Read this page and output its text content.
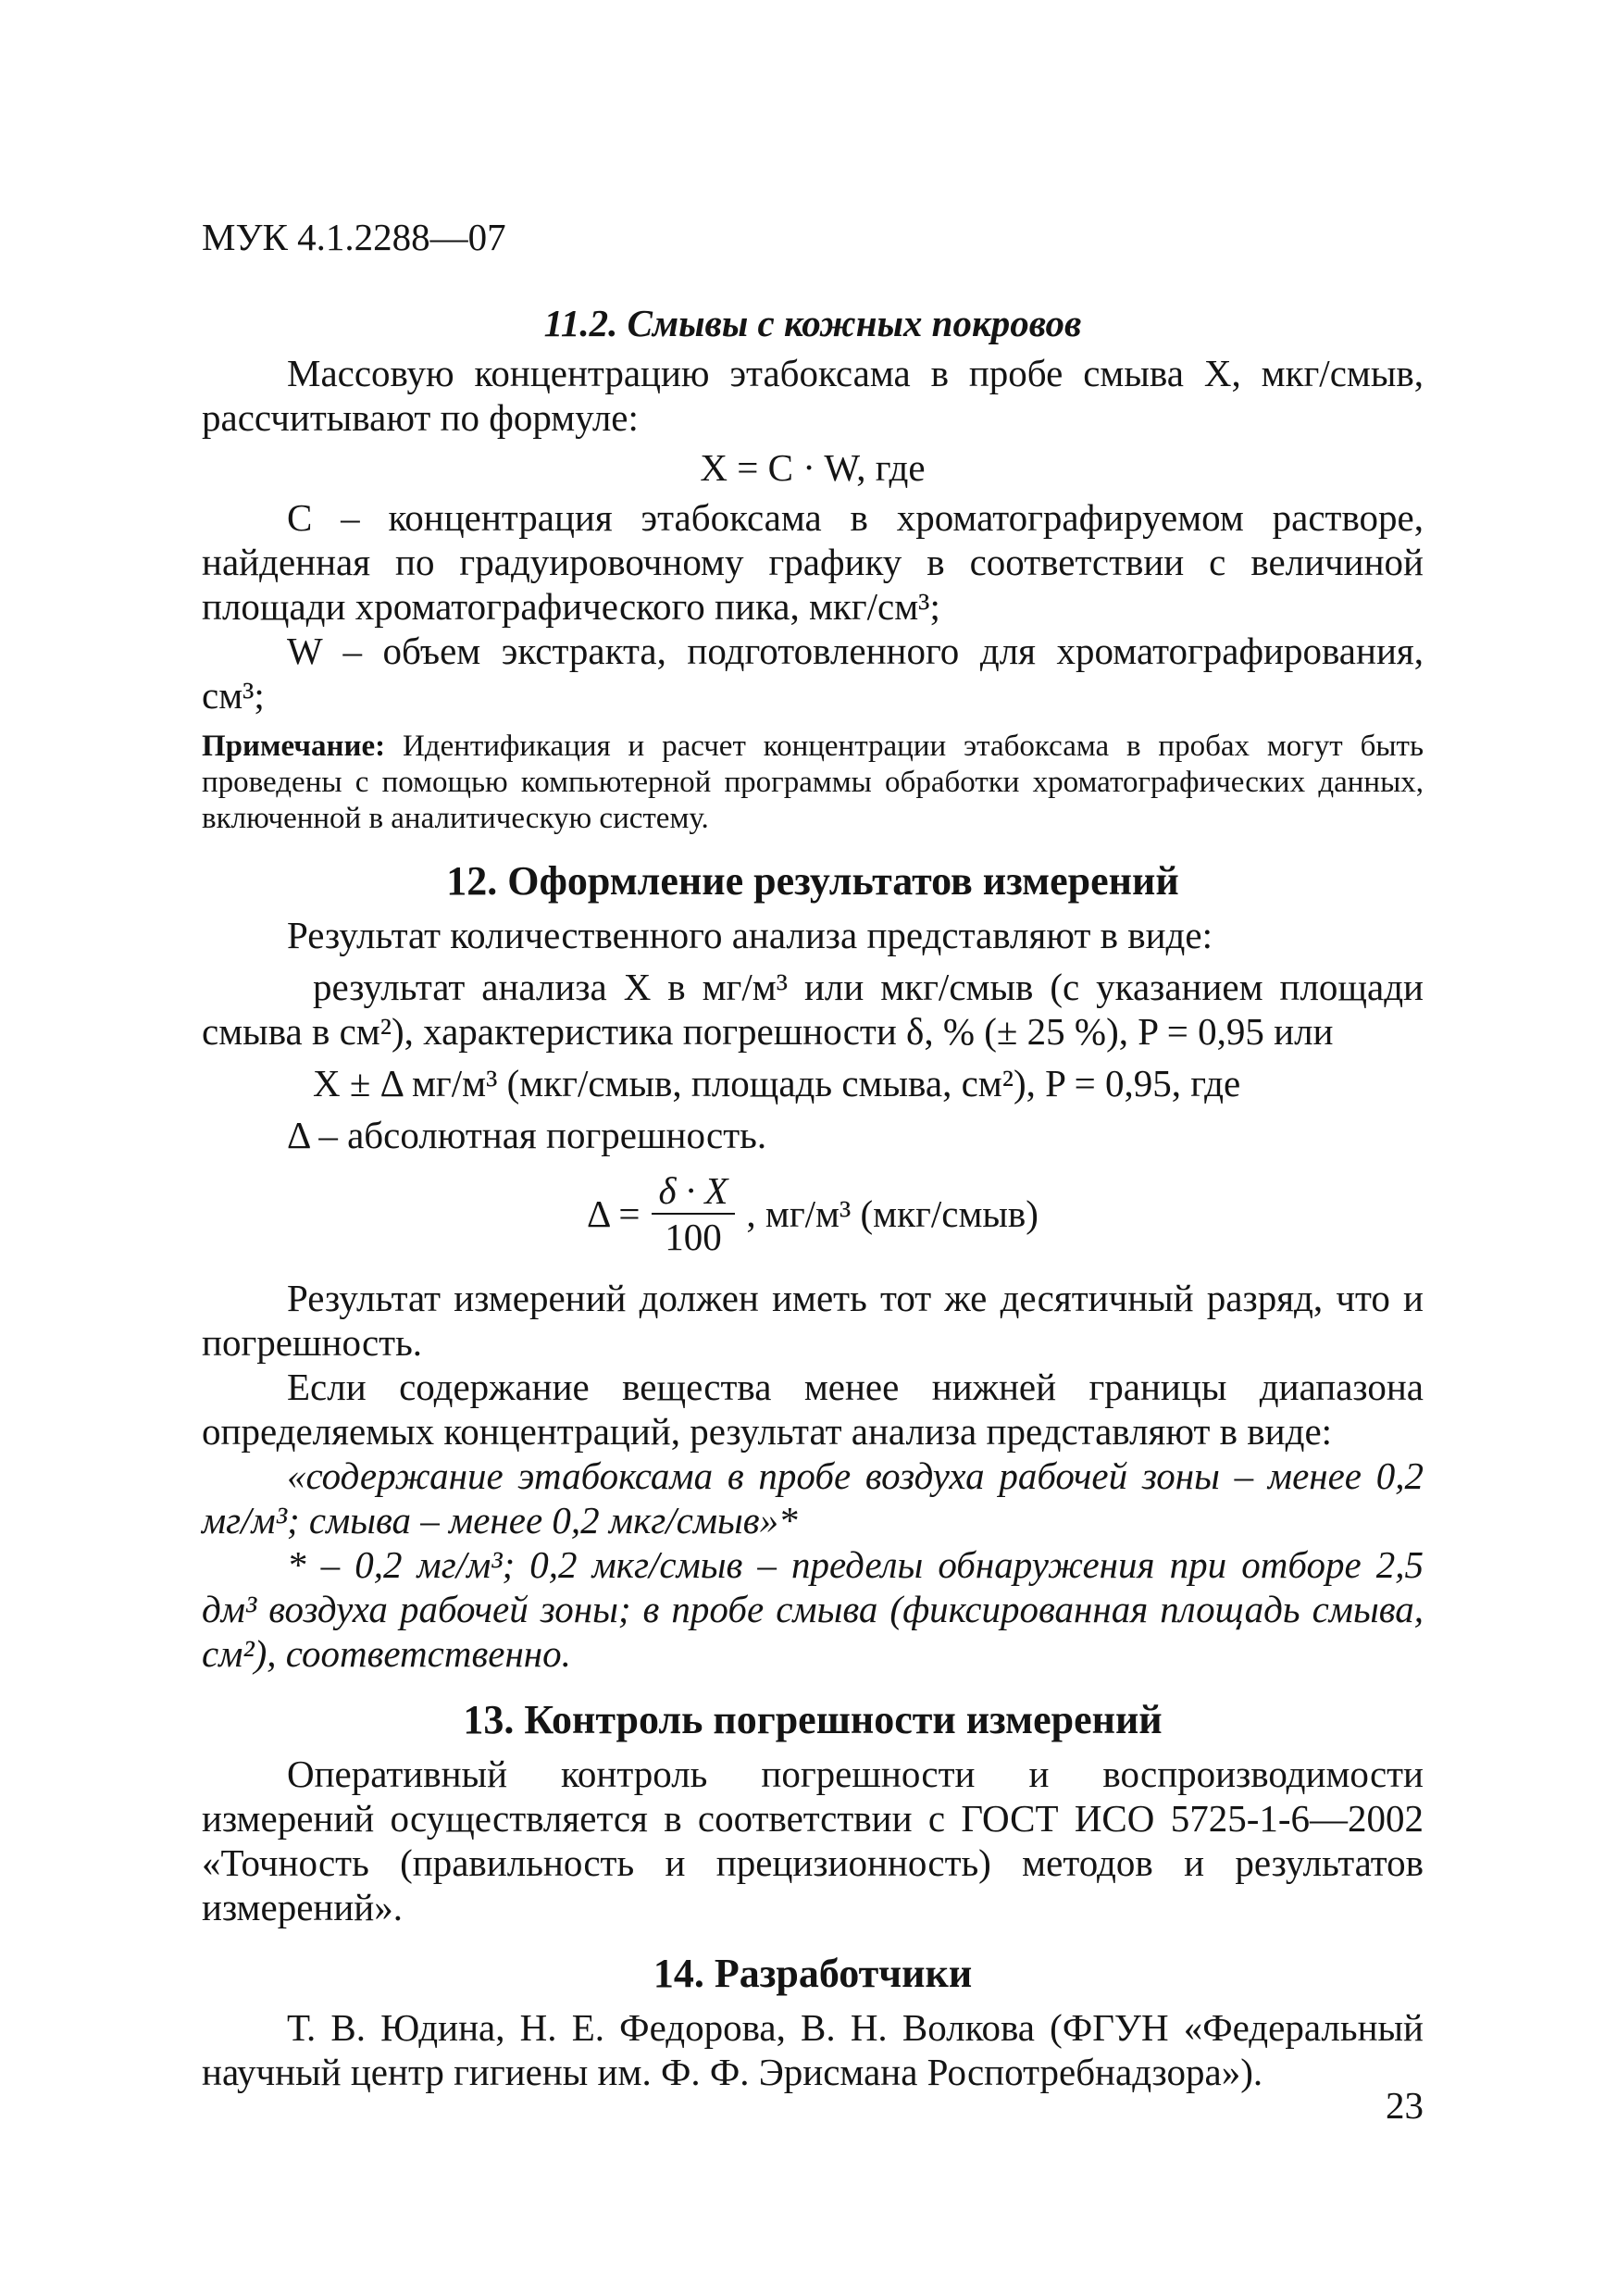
МУК 4.1.2288—07

11.2. Смывы с кожных покровов

Массовую концентрацию этабоксама в пробе смыва X, мкг/смыв, рассчитывают по формуле:

X = C · W, где

C – концентрация этабоксама в хроматографируемом растворе, найденная по градуировочному графику в соответствии с величиной площади хроматографического пика, мкг/см³;

W – объем экстракта, подготовленного для хроматографирования, см³;

Примечание: Идентификация и расчет концентрации этабоксама в пробах могут быть проведены с помощью компьютерной программы обработки хроматографических данных, включенной в аналитическую систему.

12. Оформление результатов измерений

Результат количественного анализа представляют в виде:

результат анализа X в мг/м³ или мкг/смыв (с указанием площади смыва в см²), характеристика погрешности δ, % (± 25 %), P = 0,95 или

X ± Δ мг/м³ (мкг/смыв, площадь смыва, см²), P = 0,95, где

Δ – абсолютная погрешность.

$\Delta = \frac{\delta \cdot X}{100}$ , мг/м³ (мкг/смыв)

Результат измерений должен иметь тот же десятичный разряд, что и погрешность.

Если содержание вещества менее нижней границы диапазона определяемых концентраций, результат анализа представляют в виде:

«содержание этабоксама в пробе воздуха рабочей зоны – менее 0,2 мг/м³; смыва – менее 0,2 мкг/смыв»*

* – 0,2 мг/м³; 0,2 мкг/смыв – пределы обнаружения при отборе 2,5 дм³ воздуха рабочей зоны; в пробе смыва (фиксированная площадь смыва, см²), соответственно.

13. Контроль погрешности измерений

Оперативный контроль погрешности и воспроизводимости измерений осуществляется в соответствии с ГОСТ ИСО 5725-1-6—2002 «Точность (правильность и прецизионность) методов и результатов измерений».

14. Разработчики

Т. В. Юдина, Н. Е. Федорова, В. Н. Волкова (ФГУН «Федеральный научный центр гигиены им. Ф. Ф. Эрисмана Роспотребнадзора»).

23
